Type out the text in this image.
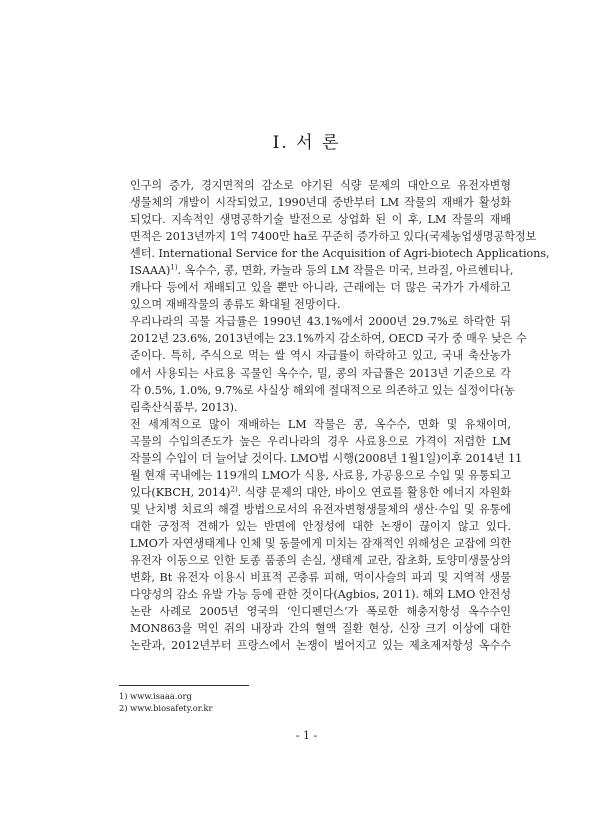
Ⅰ. 서 론
인구의 증가, 경지면적의 감소로 야기된 식량 문제의 대안으로 유전자변형
생물체의 개발이 시작되었고, 1990년대 중반부터 LM 작물의 재배가 활성화
되었다. 지속적인 생명공학기술 발전으로 상업화 된 이 후, LM 작물의 재배
면적은 2013년까지 1억 7400만 ha로 꾸준히 증가하고 있다(국제농업생명공학정보
센터. International Service for the Acquisition of Agri-biotech Applications,
ISAAA)$^{1)}$. 옥수수, 콩, 면화, 카놀라 등의 LM 작물은 미국, 브라질, 아르헨티나,
캐나다 등에서 재배되고 있을 뿐만 아니라, 근래에는 더 많은 국가가 가세하고
있으며 재배작물의 종류도 확대될 전망이다.
우리나라의 곡물 자급률은 1990년 43.1%에서 2000년 29.7%로 하락한 뒤
2012년 23.6%, 2013년에는 23.1%까지 감소하여, OECD 국가 중 매우 낮은 수
준이다. 특히, 주식으로 먹는 쌀 역시 자급률이 하락하고 있고, 국내 축산농가
에서 사용되는 사료용 곡물인 옥수수, 밀, 콩의 자급률은 2013년 기준으로 각
각 0.5%, 1.0%, 9.7%로 사실상 해외에 절대적으로 의존하고 있는 실정이다(농
림축산식품부, 2013).
전 세계적으로 많이 재배하는 LM 작물은 콩, 옥수수, 면화 및 유채이며,
곡물의 수입의존도가 높은 우리나라의 경우 사료용으로 가격이 저렴한 LM
작물의 수입이 더 늘어날 것이다. LMO법 시행(2008년 1월1일)이후 2014년 11
월 현재 국내에는 119개의 LMO가 식용, 사료용, 가공용으로 수입 및 유통되고
있다(KBCH, 2014)$^{2)}$. 식량 문제의 대안, 바이오 연료를 활용한 에너지 자원화
및 난치병 치료의 해결 방법으로서의 유전자변형생물체의 생산·수입 및 유통에
대한 긍정적 견해가 있는 반면에 안정성에 대한 논쟁이 끊이지 않고 있다.
LMO가 자연생태계나 인체 및 동물에게 미치는 잠재적인 위해성은 교잡에 의한
유전자 이동으로 인한 토종 품종의 손실, 생태계 교란, 잡초화, 토양미생물상의
변화, Bt 유전자 이용시 비표적 곤충류 피해, 먹이사슬의 파괴 및 지역적 생물
다양성의 감소 유발 가능 등에 관한 것이다(Agbios, 2011). 해외 LMO 안전성
논란 사례로 2005년 영국의 ‘인디펜던스’가 폭로한 해충저항성 옥수수인
MON863을 먹인 쥐의 내장과 간의 혈액 질환 현상, 신장 크기 이상에 대한
논란과, 2012년부터 프랑스에서 논쟁이 벌어지고 있는 제초제저항성 옥수수
1) www.isaaa.org
2) www.biosafety.or.kr
- 1 -
